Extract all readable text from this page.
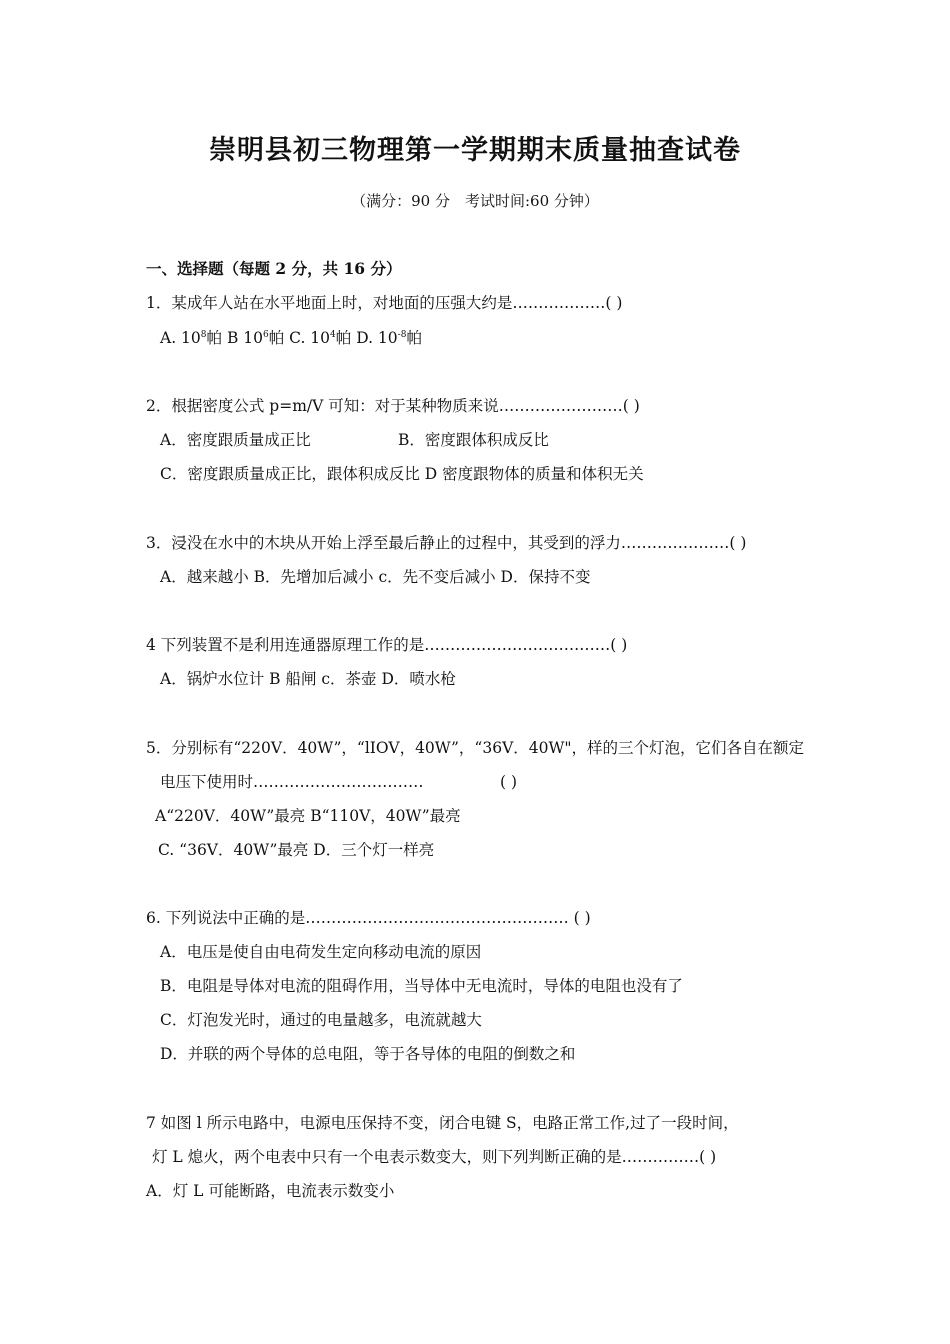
崇明县初三物理第一学期期末质量抽查试卷
（满分：90 分　考试时间:60 分钟）
一、选择题（每题 2 分，共 16 分）
1．某成年人站在水平地面上时，对地面的压强大约是………………( )
A. $10^8$帕 B $10^6$帕 C. $10^4$帕 D. $10^{-8}$帕
2．根据密度公式 p=m/V 可知：对于某种物质来说……………………( )
A．密度跟质量成正比	B．密度跟体积成反比
C．密度跟质量成正比，跟体积成反比 D 密度跟物体的质量和体积无关
3．浸没在水中的木块从开始上浮至最后静止的过程中，其受到的浮力…………………( )
A．越来越小 B．先增加后减小 c．先不变后减小 D．保持不变
4 下列装置不是利用连通器原理工作的是………………………………( )
A．锅炉水位计 B 船闸 c．茶壶 D．喷水枪
5．分别标有“220V．40W”，“lIOV，40W”，“36V．40W"，样的三个灯泡，它们各自在额定
电压下使用时……………………………	( )
A“220V．40W”最亮 B“110V，40W”最亮
C. “36V．40W”最亮 D．三个灯一样亮
6. 下列说法中正确的是…………………………………………… ( )
A．电压是使自由电荷发生定向移动电流的原因
B．电阻是导体对电流的阻碍作用，当导体中无电流时，导体的电阻也没有了
C．灯泡发光时，通过的电量越多，电流就越大
D．并联的两个导体的总电阻，等于各导体的电阻的倒数之和
7 如图 l 所示电路中，电源电压保持不变，闭合电键 S，电路正常工作,过了一段时间，
灯 L 熄火，两个电表中只有一个电表示数变大，则下列判断正确的是……………( )
A．灯 L 可能断路，电流表示数变小
